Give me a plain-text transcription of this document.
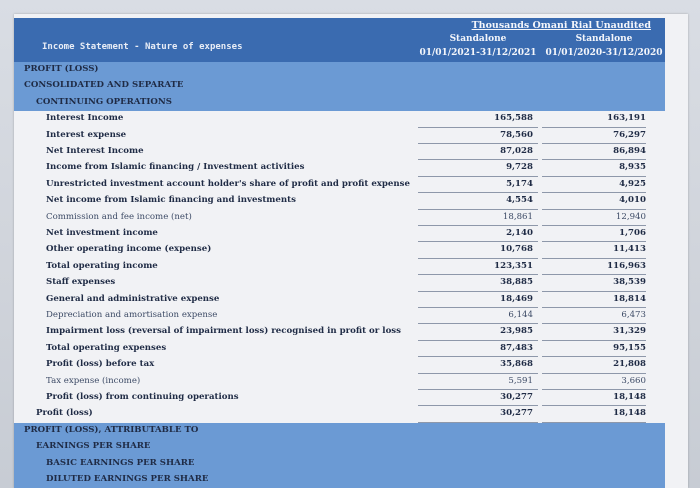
Income Statement - Nature of expenses
Thousands Omani Rial Unaudited
Standalone
01/01/2021-31/12/2021
Standalone
01/01/2020-31/12/2020
PROFIT (LOSS)
CONSOLIDATED AND SEPARATE
CONTINUING OPERATIONS
Interest Income	165,588	163,191
Interest expense	78,560	76,297
Net Interest Income	87,028	86,894
Income from Islamic financing / Investment activities	9,728	8,935
Unrestricted investment account holder's share of profit and profit expense	5,174	4,925
Net income from Islamic financing and investments	4,554	4,010
Commission and fee income (net)	18,861	12,940
Net investment income	2,140	1,706
Other operating income (expense)	10,768	11,413
Total operating income	123,351	116,963
Staff expenses	38,885	38,539
General and administrative expense	18,469	18,814
Depreciation and amortisation expense	6,144	6,473
Impairment loss (reversal of impairment loss) recognised in profit or loss	23,985	31,329
Total operating expenses	87,483	95,155
Profit (loss) before tax	35,868	21,808
Tax expense (income)	5,591	3,660
Profit (loss) from continuing operations	30,277	18,148
Profit (loss)	30,277	18,148
PROFIT (LOSS), ATTRIBUTABLE TO
EARNINGS PER SHARE
BASIC EARNINGS PER SHARE
DILUTED EARNINGS PER SHARE
